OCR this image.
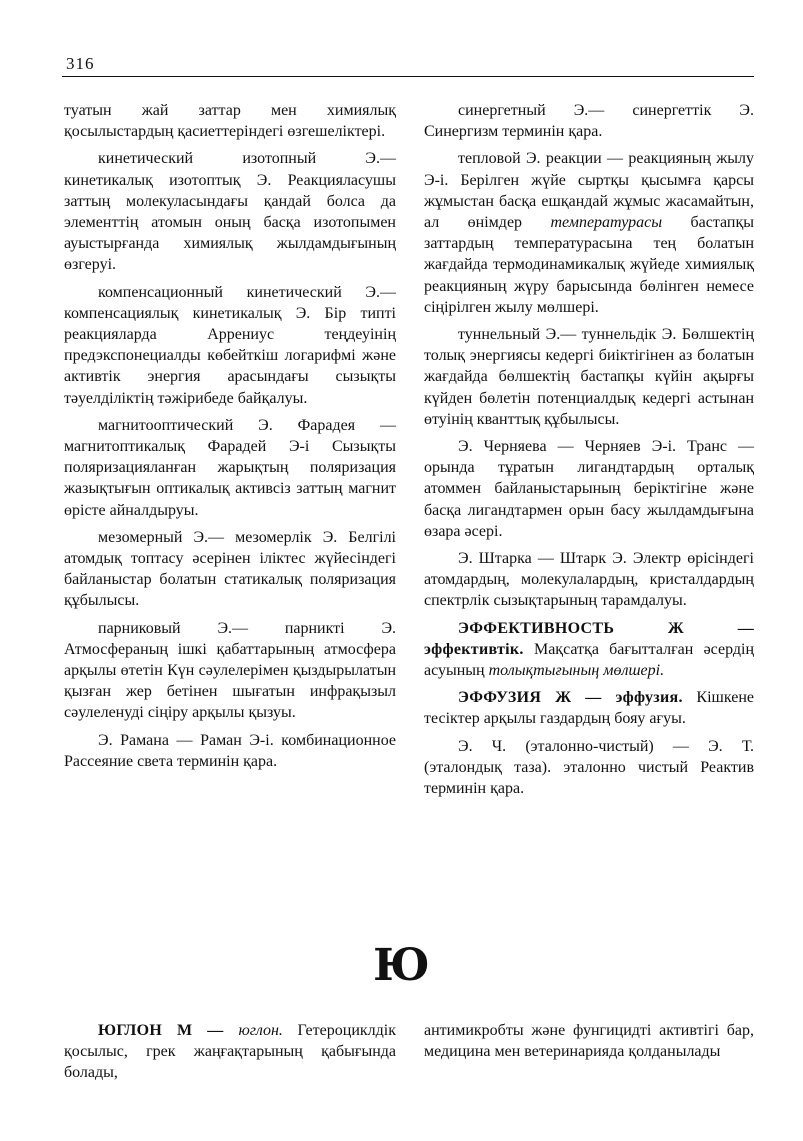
316

туатын жай заттар мен химиялық қосылыстардың қасиеттеріндегі өзгешеліктері.

кинетический изотопный Э.— кинетикалық изотоптық Э. Реакцияласушы заттың молекуласындағы қандай болса да элементтің атомын оның басқа изотопымен ауыстырғанда химиялық жылдамдығының өзгеруі.

компенсационный кинетический Э.— компенсациялық кинетикалық Э. Бір типті реакцияларда Аррениус теңдеуінің предэкспонециалды көбейткіш логарифмі және активтік энергия арасындағы сызықты тәуелділіктің тәжірибеде байқалуы.

магнитооптический Э. Фарадея — магнитоптикалық Фарадей Э-і Сызықты поляризацияланған жарықтың поляризация жазықтығын оптикалық активсіз заттың магнит өрісте айналдыруы.

мезомерный Э.— мезомерлік Э. Белгілі атомдық топтасу әсерінен іліктес жүйесіндегі байланыстар болатын статикалық поляризация құбылысы.

парниковый Э.— парникті Э. Атмосфераның ішкі қабаттарының атмосфера арқылы өтетін Күн сәулелерімен қыздырылатын қызған жер бетінен шығатын инфрақызыл сәулеленуді сіңіру арқылы қызуы.

Э. Рамана — Раман Э-і. комбинационное Рассеяние света терминін қара.

синергетный Э.— синергеттік Э. Синергизм терминін қара.

тепловой Э. реакции — реакцияның жылу Э-і. Берілген жүйе сыртқы қысымға қарсы жұмыстан басқа ешқандай жұмыс жасамайтын, ал өнімдер температурасы бастапқы заттардың температурасына тең болатын жағдайда термодинамикалық жүйеде химиялық реакцияның жүру барысында бөлінген немесе сіңірілген жылу мөлшері.

туннельный Э.— туннельдік Э. Бөлшектің толық энергиясы кедергі биіктігінен аз болатын жағдайда бөлшектің бастапқы күйін ақырғы күйден бөлетін потенциалдық кедергі астынан өтуінің кванттық құбылысы.

Э. Черняева — Черняев Э-і. Транс — орында тұратын лигандтардың орталық атоммен байланыстарының беріктігіне және басқа лигандтармен орын басу жылдамдығына өзара әсері.

Э. Штарка — Штарк Э. Электр өрісіндегі атомдардың, молекулалардың, кристалдардың спектрлік сызықтарының тарамдалуы.

ЭФФЕКТИВНОСТЬ Ж — эффективтік. Мақсатқа бағытталған әсердің асуының толықтығының мөлшері.

ЭФФУЗИЯ Ж — эффузия. Кішкене тесіктер арқылы газдардың бояу ағуы.

Э. Ч. (эталонно-чистый) — Э. Т. (эталондық таза). эталонно чистый Реактив терминін қара.

Ю

ЮГЛОН М — юглон. Гетероциклдік қосылыс, грек жаңғақтарының қабығында болады,

антимикробты және фунгицидті активтігі бар, медицина мен ветеринарияда қолданылады
